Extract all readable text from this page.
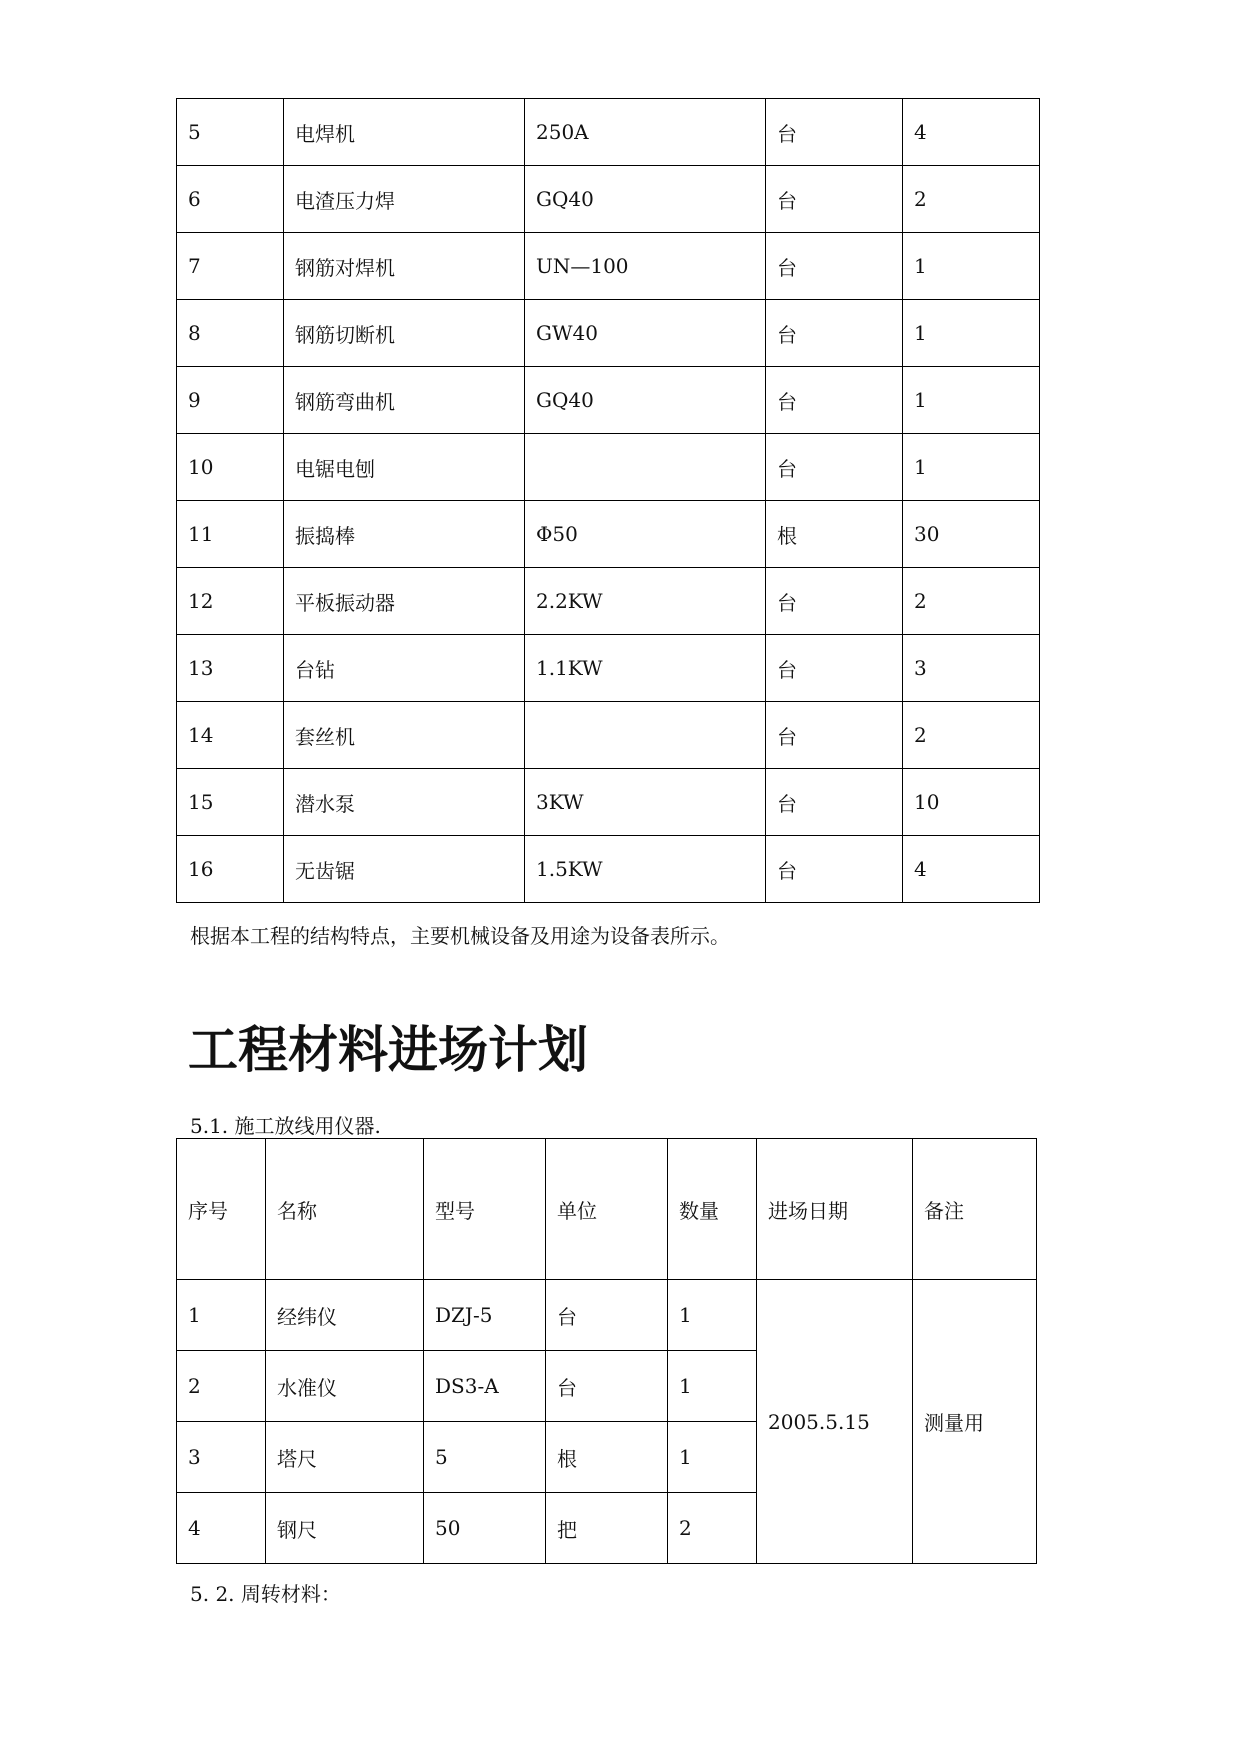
5	电焊机	250A	台	4
6	电渣压力焊	GQ40	台	2
7	钢筋对焊机	UN—100	台	1
8	钢筋切断机	GW40	台	1
9	钢筋弯曲机	GQ40	台	1
10	电锯电刨		台	1
11	振捣棒	Φ50	根	30
12	平板振动器	2.2KW	台	2
13	台钻	1.1KW	台	3
14	套丝机		台	2
15	潜水泵	3KW	台	10
16	无齿锯	1.5KW	台	4
根据本工程的结构特点，主要机械设备及用途为设备表所示。
工程材料进场计划
5.1. 施工放线用仪器.
序号	名称	型号	单位	数量	进场日期	备注
1	经纬仪	DZJ-5	台	1	2005.5.15	测量用
2	水准仪	DS3-A	台	1		
3	塔尺	5	根	1		
4	钢尺	50	把	2		
5. 2. 周转材料：
